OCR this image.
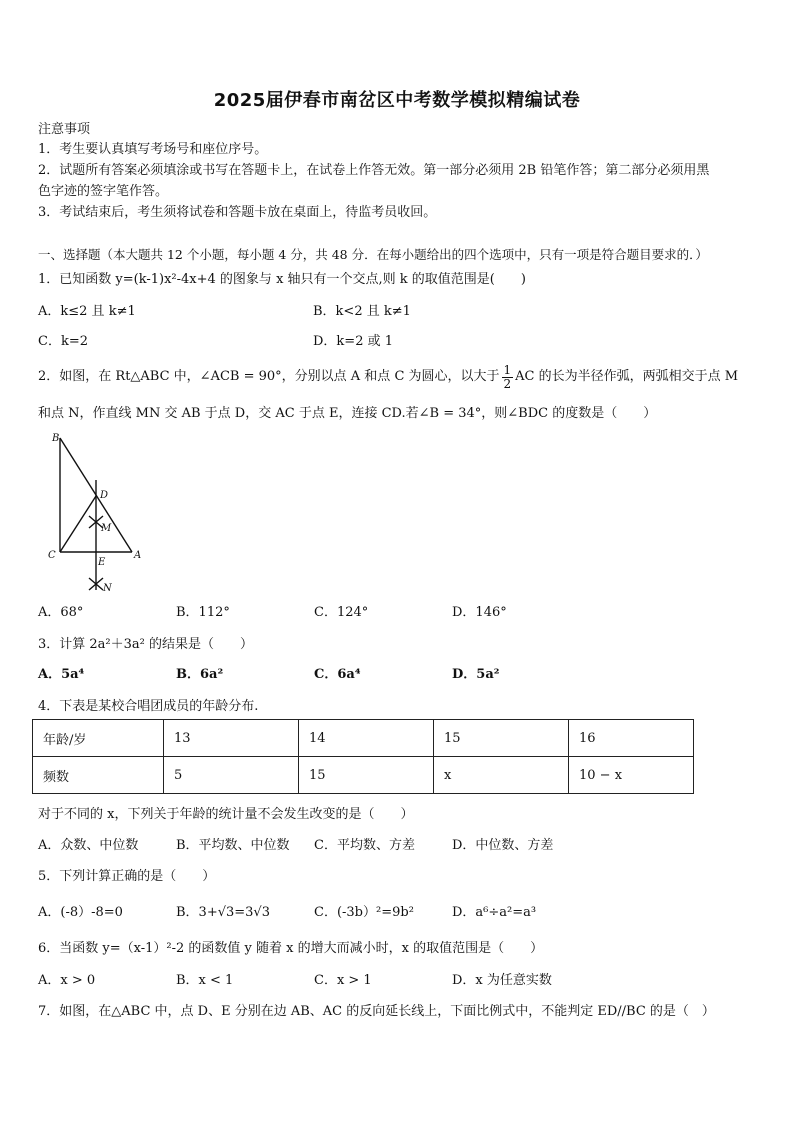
2025届伊春市南岔区中考数学模拟精编试卷
注意事项
1．考生要认真填写考场号和座位序号。
2．试题所有答案必须填涂或书写在答题卡上，在试卷上作答无效。第一部分必须用 2B 铅笔作答；第二部分必须用黑
色字迹的签字笔作答。
3．考试结束后，考生须将试卷和答题卡放在桌面上，待监考员收回。
一、选择题（本大题共 12 个小题，每小题 4 分，共 48 分．在每小题给出的四个选项中，只有一项是符合题目要求的．）
1．已知函数 y=(k-1)x²-4x+4 的图象与 x 轴只有一个交点,则 k 的取值范围是(　　)
A．k≤2 且 k≠1	B．k<2 且 k≠1
C．k=2	D．k=2 或 1
2．如图，在 Rt△ABC 中，∠ACB = 90°，分别以点 A 和点 C 为圆心，以大于 $\frac{1}{2}$ AC 的长为半径作弧，两弧相交于点 M
和点 N，作直线 MN 交 AB 于点 D，交 AC 于点 E，连接 CD.若∠B = 34°，则∠BDC 的度数是（　　）
B
D
M
C
E
A
N
A．68°	B．112°	C．124°	D．146°
3．计算 2a²＋3a² 的结果是（　　）
A．5a⁴	B．6a²	C．6a⁴	D．5a²
4．下表是某校合唱团成员的年龄分布.
年龄/岁	13	14	15	16
频数	5	15	x	10 − x
对于不同的 x，下列关于年龄的统计量不会发生改变的是（　　）
A．众数、中位数	B．平均数、中位数 C．平均数、方差	D．中位数、方差
5．下列计算正确的是（　　）
A．(-8）-8=0	B．3+√3=3√3	C．(-3b）²=9b²	D．a⁶÷a²=a³
6．当函数 y=（x-1）²-2 的函数值 y 随着 x 的增大而减小时，x 的取值范围是（　　）
A．x > 0	B．x < 1	C．x > 1	D．x 为任意实数
7．如图，在△ABC 中，点 D、E 分别在边 AB、AC 的反向延长线上，下面比例式中，不能判定 ED//BC 的是（　）
